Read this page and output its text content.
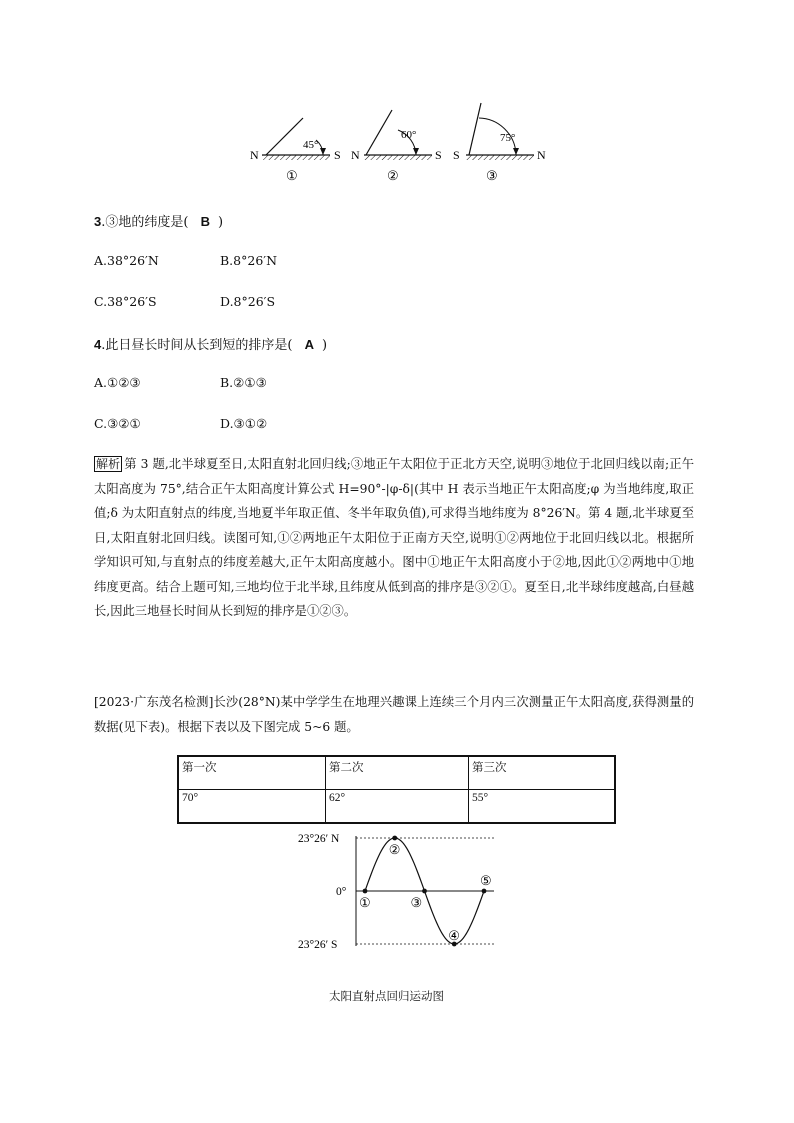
45°
N	S
①
60°
N	S
②
75°
S	N
③
3.③地的纬度是( B )
A.38°26′N	B.8°26′N
C.38°26′S	D.8°26′S
4.此日昼长时间从长到短的排序是( A )
A.①②③	B.②①③
C.③②①	D.③①②
解析 第 3 题,北半球夏至日,太阳直射北回归线;③地正午太阳位于正北方天空,说明③地位于北回归线以南;正午太阳高度为 75°,结合正午太阳高度计算公式 H=90°-|φ-δ|(其中 H 表示当地正午太阳高度;φ 为当地纬度,取正值;δ 为太阳直射点的纬度,当地夏半年取正值、冬半年取负值),可求得当地纬度为 8°26′N。第 4 题,北半球夏至日,太阳直射北回归线。读图可知,①②两地正午太阳位于正南方天空,说明①②两地位于北回归线以北。根据所学知识可知,与直射点的纬度差越大,正午太阳高度越小。图中①地正午太阳高度小于②地,因此①②两地中①地纬度更高。结合上题可知,三地均位于北半球,且纬度从低到高的排序是③②①。夏至日,北半球纬度越高,白昼越长,因此三地昼长时间从长到短的排序是①②③。
[2023·广东茂名检测]长沙(28°N)某中学学生在地理兴趣课上连续三个月内三次测量正午太阳高度,获得测量的数据(见下表)。根据下表以及下图完成 5~6 题。
第一次	第二次	第三次
70°	62°	55°
23°26′ N
0°
23°26′ S
①
②
③
④
⑤
太阳直射点回归运动图
